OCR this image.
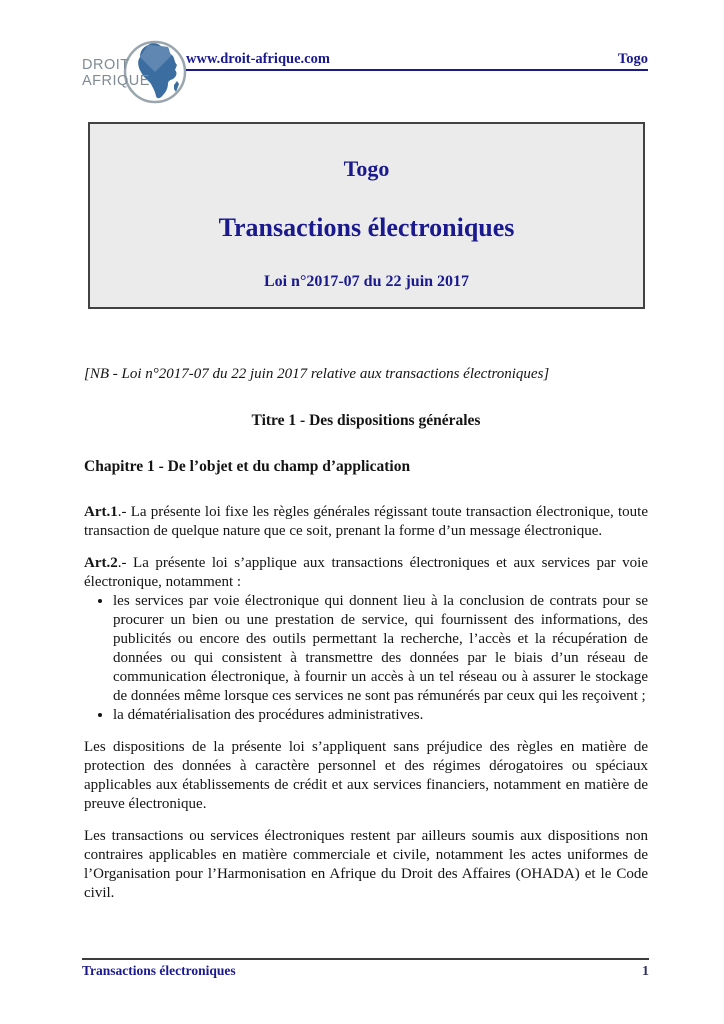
DROIT
AFRIQUE
www.droit-afrique.com	Togo
Togo
Transactions électroniques
Loi n°2017-07 du 22 juin 2017

[NB - Loi n°2017-07 du 22 juin 2017 relative aux transactions électroniques]

Titre 1 - Des dispositions générales
Chapitre 1 - De l’objet et du champ d’application

Art.1.- La présente loi fixe les règles générales régissant toute transaction électronique, toute transaction de quelque nature que ce soit, prenant la forme d’un message électronique.

Art.2.- La présente loi s’applique aux transactions électroniques et aux services par voie électronique, notamment :

• les services par voie électronique qui donnent lieu à la conclusion de contrats pour se procurer un bien ou une prestation de service, qui fournissent des informations, des publicités ou encore des outils permettant la recherche, l’accès et la récupération de données ou qui consistent à transmettre des données par le biais d’un réseau de communication électronique, à fournir un accès à un tel réseau ou à assurer le stockage de données même lorsque ces services ne sont pas rémunérés par ceux qui les reçoivent ;
• la dématérialisation des procédures administratives.

Les dispositions de la présente loi s’appliquent sans préjudice des règles en matière de protection des données à caractère personnel et des régimes dérogatoires ou spéciaux applicables aux établissements de crédit et aux services financiers, notamment en matière de preuve électronique.

Les transactions ou services électroniques restent par ailleurs soumis aux dispositions non contraires applicables en matière commerciale et civile, notamment les actes uniformes de l’Organisation pour l’Harmonisation en Afrique du Droit des Affaires (OHADA) et le Code civil.

Transactions électroniques	1
